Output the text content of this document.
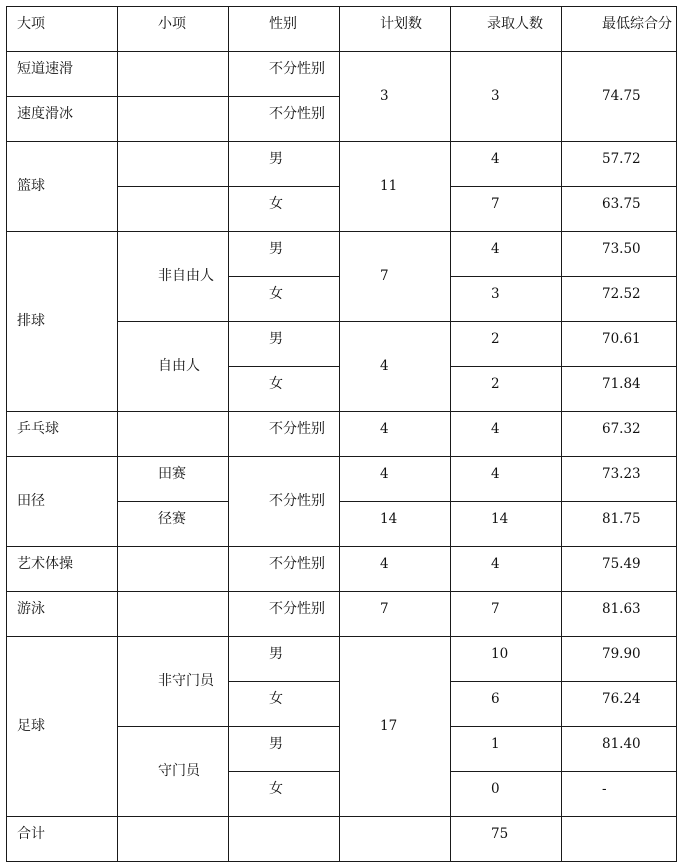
大项	小项	性别	计划数	录取人数	最低综合分
短道速滑		不分性别	3	3	74.75
速度滑冰		不分性别			
篮球		男	11	4	57.72
		女		7	63.75
排球	非自由人	男	7	4	73.50
		女		3	72.52
	自由人	男	4	2	70.61
		女		2	71.84
乒乓球		不分性别	4	4	67.32
田径	田赛	不分性别	4	4	73.23
	径赛		14	14	81.75
艺术体操		不分性别	4	4	75.49
游泳		不分性别	7	7	81.63
足球	非守门员	男	17	10	79.90
		女		6	76.24
	守门员	男		1	81.40
		女		0	-
合计				75	
